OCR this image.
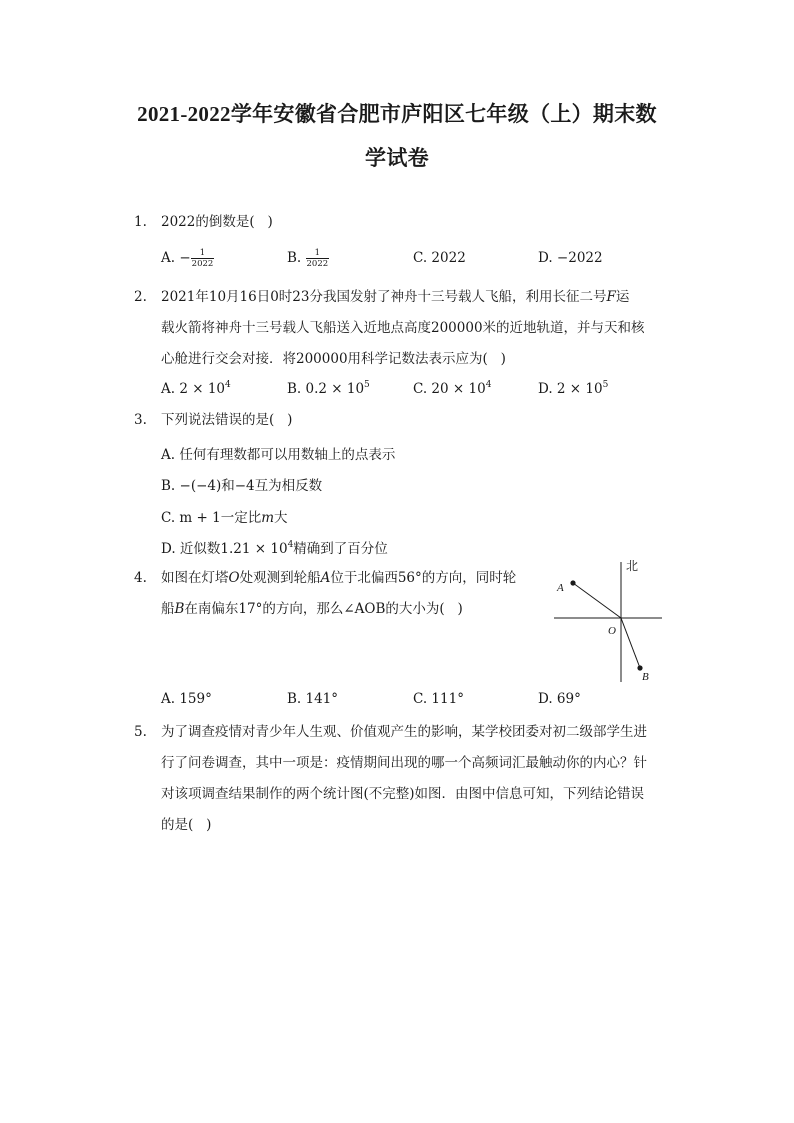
2021-2022学年安徽省合肥市庐阳区七年级（上）期末数
学试卷
1. 2022的倒数是(   )
A. − $\frac{1}{2022}$	B. $\frac{1}{2022}$	C. 2022	D. −2022
2. 2021年10月16日0时23分我国发射了神舟十三号载人飞船，利用长征二号F运
载火箭将神舟十三号载人飞船送入近地点高度200000米的近地轨道，并与天和核
心舱进行交会对接．将200000用科学记数法表示应为(   )
A. $2 \times 10^4$	B. $0.2 \times 10^5$	C. $20 \times 10^4$	D. $2 \times 10^5$
3. 下列说法错误的是(   )
A. 任何有理数都可以用数轴上的点表示
B. −(−4)和−4互为相反数
C. m + 1一定比m大
D. 近似数$1.21 \times 10^4$精确到了百分位
4. 如图在灯塔O处观测到轮船A位于北偏西56°的方向，同时轮
船B在南偏东17°的方向，那么∠AOB的大小为(   )
北
A
O
B
A. 159°	B. 141°	C. 111°	D. 69°
5. 为了调查疫情对青少年人生观、价值观产生的影响，某学校团委对初二级部学生进
行了问卷调查，其中一项是：疫情期间出现的哪一个高频词汇最触动你的内心？针
对该项调查结果制作的两个统计图(不完整)如图．由图中信息可知，下列结论错误
的是(   )
